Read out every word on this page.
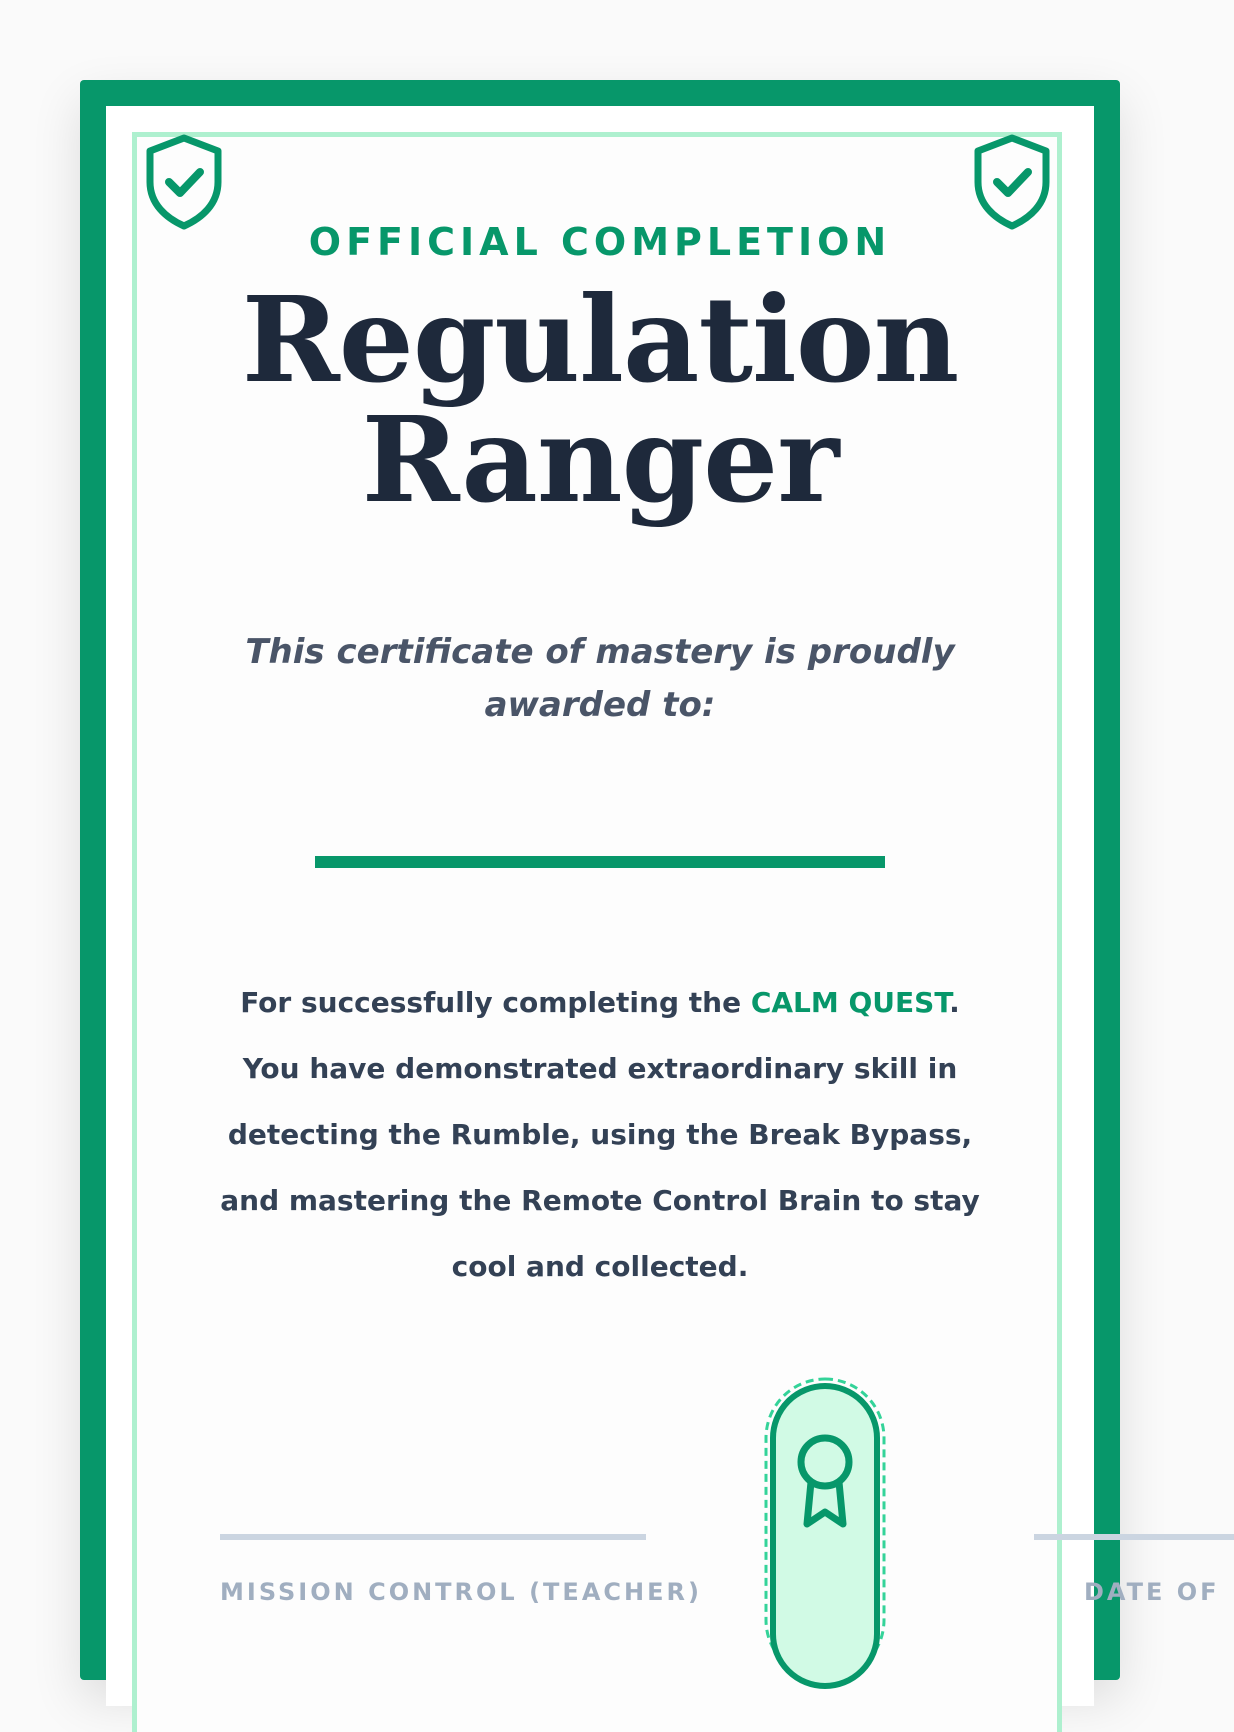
OFFICIAL COMPLETION

Regulation
Ranger

This certificate of mastery is proudly awarded to:

For successfully completing the CALM QUEST. You have demonstrated extraordinary skill in detecting the Rumble, using the Break Bypass, and mastering the Remote Control Brain to stay cool and collected.

MISSION CONTROL (TEACHER)	DATE OF
